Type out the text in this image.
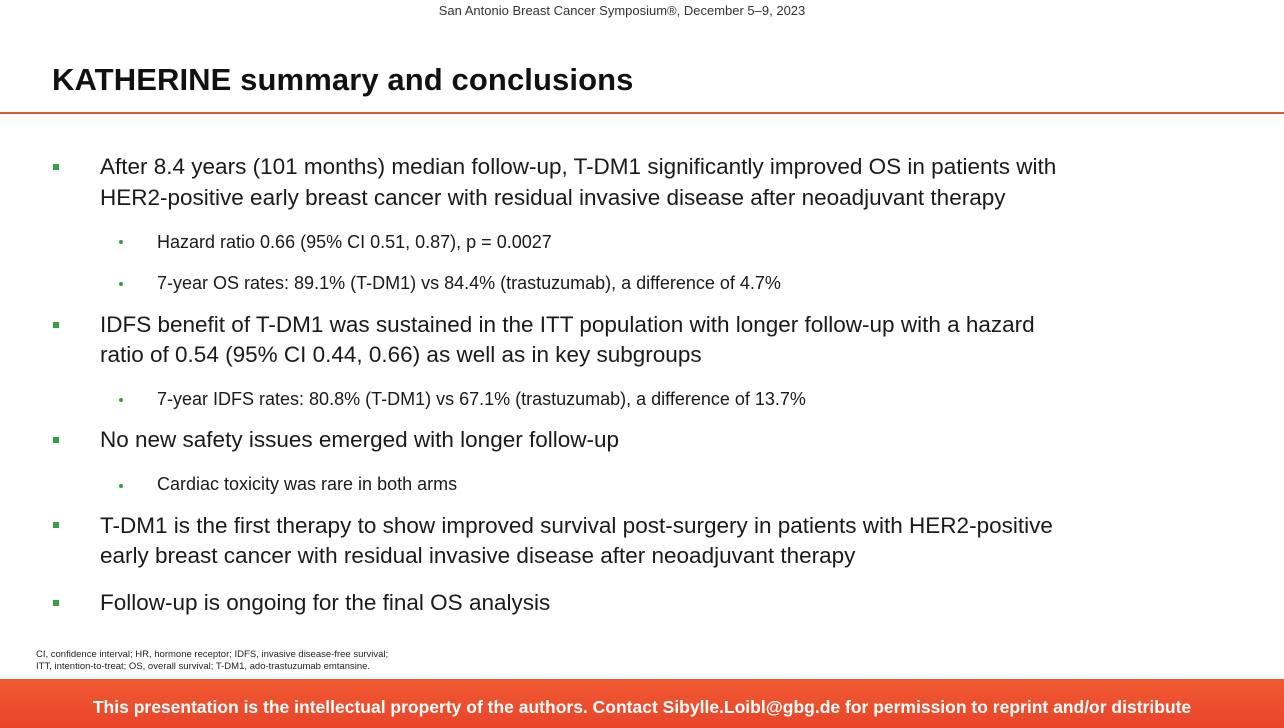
San Antonio Breast Cancer Symposium®, December 5–9, 2023

KATHERINE summary and conclusions

After 8.4 years (101 months) median follow-up, T-DM1 significantly improved OS in patients with

HER2-positive early breast cancer with residual invasive disease after neoadjuvant therapy

Hazard ratio 0.66 (95% CI 0.51, 0.87), p = 0.0027

7-year OS rates: 89.1% (T-DM1) vs 84.4% (trastuzumab), a difference of 4.7%

IDFS benefit of T-DM1 was sustained in the ITT population with longer follow-up with a hazard

ratio of 0.54 (95% CI 0.44, 0.66) as well as in key subgroups

7-year IDFS rates: 80.8% (T-DM1) vs 67.1% (trastuzumab), a difference of 13.7%

No new safety issues emerged with longer follow-up

Cardiac toxicity was rare in both arms

T-DM1 is the first therapy to show improved survival post-surgery in patients with HER2-positive

early breast cancer with residual invasive disease after neoadjuvant therapy

Follow-up is ongoing for the final OS analysis

CI, confidence interval; HR, hormone receptor; IDFS, invasive disease-free survival;
ITT, intention-to-treat; OS, overall survival; T-DM1, ado-trastuzumab emtansine.

This presentation is the intellectual property of the authors. Contact Sibylle.Loibl@gbg.de for permission to reprint and/or distribute
